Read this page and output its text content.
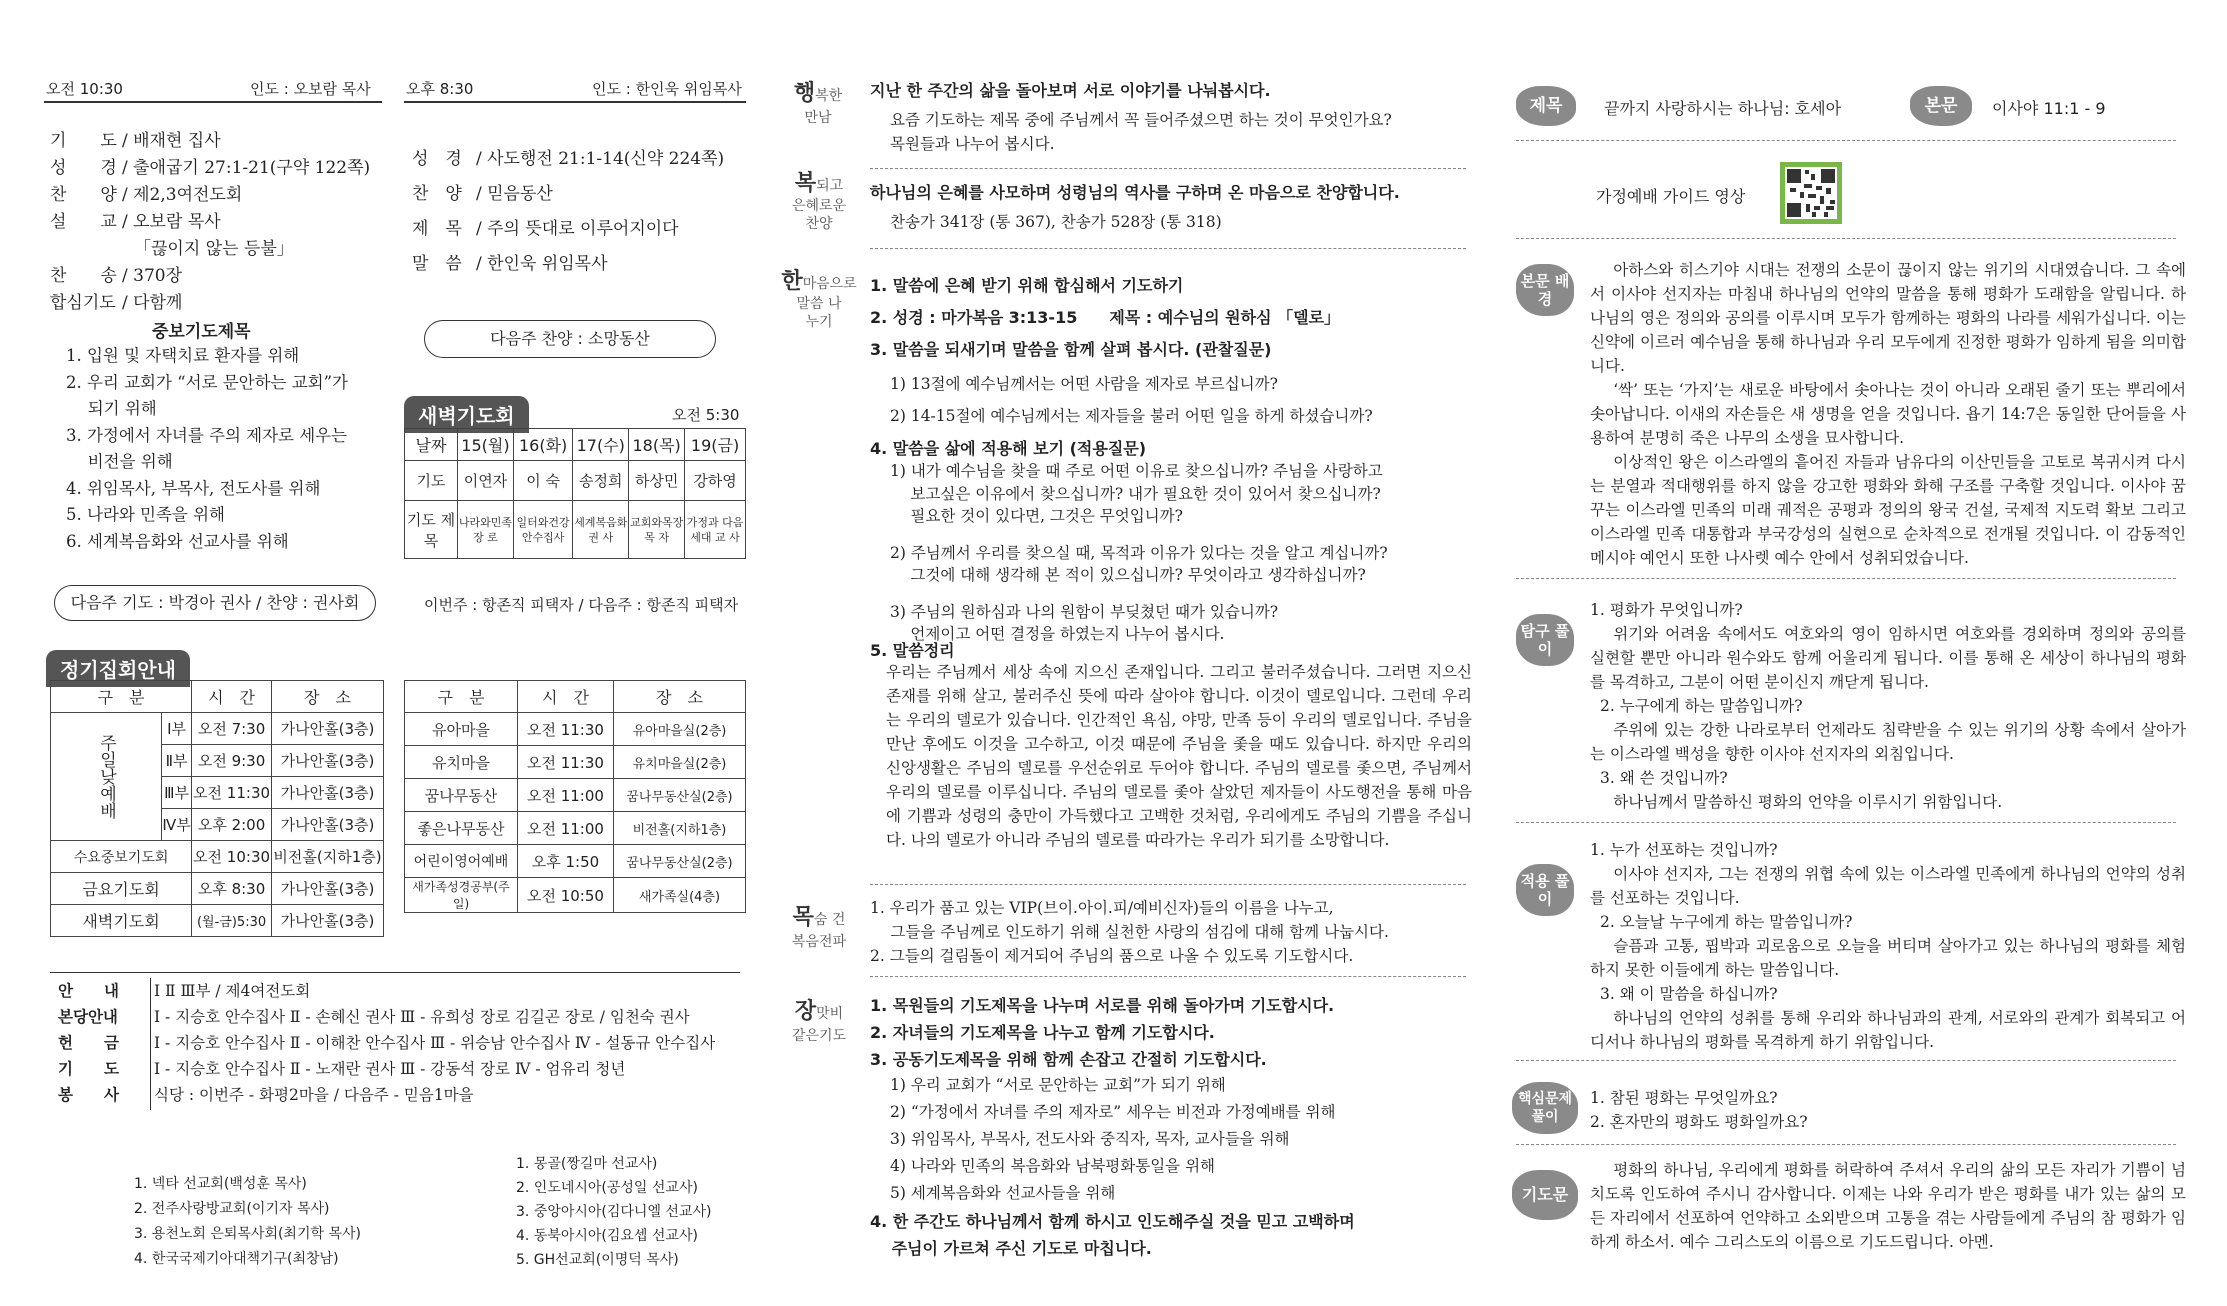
오전 10:30	인도 : 오보람 목사 오후 8:30	인도 : 한인욱 위임목사
기　　도 / 배재현 집사
성　　경 / 출애굽기 27:1-21(구약 122쪽)
찬　　양 / 제2,3여전도회
설　　교 / 오보람 목사
「끊이지 않는 등불」
찬　　송 / 370장
합심기도 / 다함께
중보기도제목
1. 입원 및 자택치료 환자를 위해
2. 우리 교회가 “서로 문안하는 교회”가
　 되기 위해
3. 가정에서 자녀를 주의 제자로 세우는
　 비전을 위해
4. 위임목사, 부목사, 전도사를 위해
5. 나라와 민족을 위해
6. 세계복음화와 선교사를 위해
다음주 기도 : 박경아 권사 / 찬양 : 권사회
성　경 / 사도행전 21:1-14(신약 224쪽)
찬　양 / 믿음동산
제　목 / 주의 뜻대로 이루어지이다
말　씀 / 한인욱 위임목사
다음주 찬양 : 소망동산
새벽기도회	오전 5:30
날짜	15(월)	16(화)	17(수)	18(목)	19(금)
기도	이연자	이 숙	송정희	하상민	강하영
기도 제목	나라와민족 장 로	일터와건강 안수집사	세계복음화 권 사	교회와목장 목 자	가정과 다음세대 교 사
이번주 : 항존직 피택자 / 다음주 : 항존직 피택자
정기집회안내
구　분		시　간	장　소
주일낮예배	Ⅰ부	오전 7:30	가나안홀(3층)
	Ⅱ부	오전 9:30	가나안홀(3층)
	Ⅲ부	오전 11:30	가나안홀(3층)
	Ⅳ부	오후 2:00	가나안홀(3층)
수요중보기도회		오전 10:30	비전홀(지하1층)
금요기도회		오후 8:30	가나안홀(3층)
새벽기도회		(월-금)5:30	가나안홀(3층)
구　분	시　간	장　소
유아마을	오전 11:30	유아마을실(2층)
유치마을	오전 11:30	유치마을실(2층)
꿈나무동산	오전 11:00	꿈나무동산실(2층)
좋은나무동산	오전 11:00	비전홀(지하1층)
어린이영어예배	오후 1:50	꿈나무동산실(2층)
새가족성경공부(주일)	오전 10:50	새가족실(4층)
안　　내 Ⅰ Ⅱ Ⅲ부 / 제4여전도회
본당안내 Ⅰ - 지승호 안수집사 Ⅱ - 손혜신 권사 Ⅲ - 유희성 장로 김길곤 장로 / 임천숙 권사
헌　　금 Ⅰ - 지승호 안수집사 Ⅱ - 이해찬 안수집사 Ⅲ - 위승남 안수집사 Ⅳ - 설동규 안수집사
기　　도 Ⅰ - 지승호 안수집사 Ⅱ - 노재란 권사 Ⅲ - 강동석 장로 Ⅳ - 엄유리 청년
봉　　사 식당 : 이번주 - 화평2마을 / 다음주 - 믿음1마을
1. 넥타 선교회(백성훈 목사)
2. 전주사랑방교회(이기자 목사)
3. 용천노회 은퇴목사회(최기학 목사)
4. 한국국제기아대책기구(최창남)
1. 몽골(짱길마 선교사)
2. 인도네시아(공성일 선교사)
3. 중앙아시아(김다니엘 선교사)
4. 동북아시아(김요셉 선교사)
5. GH선교회(이명덕 목사)
행복한
만남
지난 한 주간의 삶을 돌아보며 서로 이야기를 나눠봅시다.
요즘 기도하는 제목 중에 주님께서 꼭 들어주셨으면 하는 것이 무엇인가요?
목원들과 나누어 봅시다.
복되고
은혜로운 찬양
하나님의 은혜를 사모하며 성령님의 역사를 구하며 온 마음으로 찬양합니다.
찬송가 341장 (통 367), 찬송가 528장 (통 318)
한마음으로
말씀 나누기
1. 말씀에 은혜 받기 위해 합심해서 기도하기
2. 성경 : 마가복음 3:13-15　　제목 : 예수님의 원하심 「델로」
3. 말씀을 되새기며 말씀을 함께 살펴 봅시다. (관찰질문)
1) 13절에 예수님께서는 어떤 사람을 제자로 부르십니까?
2) 14-15절에 예수님께서는 제자들을 불러 어떤 일을 하게 하셨습니까?
4. 말씀을 삶에 적용해 보기 (적용질문)
1) 내가 예수님을 찾을 때 주로 어떤 이유로 찾으십니까? 주님을 사랑하고
　 보고싶은 이유에서 찾으십니까? 내가 필요한 것이 있어서 찾으십니까?
　 필요한 것이 있다면, 그것은 무엇입니까?
2) 주님께서 우리를 찾으실 때, 목적과 이유가 있다는 것을 알고 계십니까?
　 그것에 대해 생각해 본 적이 있으십니까? 무엇이라고 생각하십니까?
3) 주님의 원하심과 나의 원함이 부딪쳤던 때가 있습니까?
　 언제이고 어떤 결정을 하였는지 나누어 봅시다.
5. 말씀정리
우리는 주님께서 세상 속에 지으신 존재입니다. 그리고 불러주셨습니다. 그러면 지으신 존재를 위해 살고, 불러주신 뜻에 따라 살아야 합니다. 이것이 델로입니다. 그런데 우리는 우리의 델로가 있습니다. 인간적인 욕심, 야망, 만족 등이 우리의 델로입니다. 주님을 만난 후에도 이것을 고수하고, 이것 때문에 주님을 좇을 때도 있습니다. 하지만 우리의 신앙생활은 주님의 델로를 우선순위로 두어야 합니다. 주님의 델로를 좇으면, 주님께서 우리의 델로를 이루십니다. 주님의 델로를 좇아 살았던 제자들이 사도행전을 통해 마음에 기쁨과 성령의 충만이 가득했다고 고백한 것처럼, 우리에게도 주님의 기쁨을 주십니다. 나의 델로가 아니라 주님의 델로를 따라가는 우리가 되기를 소망합니다.
목숨 건
복음전파
1. 우리가 품고 있는 VIP(브이.아이.피/예비신자)들의 이름을 나누고,
　 그들을 주님께로 인도하기 위해 실천한 사랑의 섬김에 대해 함께 나눕시다.
2. 그들의 걸림돌이 제거되어 주님의 품으로 나올 수 있도록 기도합시다.
장맛비
같은기도
1. 목원들의 기도제목을 나누며 서로를 위해 돌아가며 기도합시다.
2. 자녀들의 기도제목을 나누고 함께 기도합시다.
3. 공동기도제목을 위해 함께 손잡고 간절히 기도합시다.
1) 우리 교회가 “서로 문안하는 교회”가 되기 위해
2) “가정에서 자녀를 주의 제자로” 세우는 비전과 가정예배를 위해
3) 위임목사, 부목사, 전도사와 중직자, 목자, 교사들을 위해
4) 나라와 민족의 복음화와 남북평화통일을 위해
5) 세계복음화와 선교사들을 위해
4. 한 주간도 하나님께서 함께 하시고 인도해주실 것을 믿고 고백하며
　 주님이 가르쳐 주신 기도로 마칩니다.
제목	끝까지 사랑하시는 하나님: 호세아	본문	이사야 11:1 - 9
가정예배 가이드 영상
본문 배경

아하스와 히스기야 시대는 전쟁의 소문이 끊이지 않는 위기의 시대였습니다. 그 속에서 이사야 선지자는 마침내 하나님의 언약의 말씀을 통해 평화가 도래함을 알립니다. 하나님의 영은 정의와 공의를 이루시며 모두가 함께하는 평화의 나라를 세워가십니다. 이는 신약에 이르러 예수님을 통해 하나님과 우리 모두에게 진정한 평화가 임하게 됨을 의미합니다.

‘싹’ 또는 ‘가지’는 새로운 바탕에서 솟아나는 것이 아니라 오래된 줄기 또는 뿌리에서 솟아납니다. 이새의 자손들은 새 생명을 얻을 것입니다. 욥기 14:7은 동일한 단어들을 사용하여 분명히 죽은 나무의 소생을 묘사합니다.

이상적인 왕은 이스라엘의 흩어진 자들과 남유다의 이산민들을 고토로 복귀시켜 다시는 분열과 적대행위를 하지 않을 강고한 평화와 화해 구조를 구축할 것입니다. 이사야 꿈꾸는 이스라엘 민족의 미래 궤적은 공평과 정의의 왕국 건설, 국제적 지도력 확보 그리고 이스라엘 민족 대통합과 부국강성의 실현으로 순차적으로 전개될 것입니다. 이 감동적인 메시야 예언시 또한 나사렛 예수 안에서 성취되었습니다.

탐구 풀이

1. 평화가 무엇입니까?

위기와 어려움 속에서도 여호와의 영이 임하시면 여호와를 경외하며 정의와 공의를 실현할 뿐만 아니라 원수와도 함께 어울리게 됩니다. 이를 통해 온 세상이 하나님의 평화를 목격하고, 그분이 어떤 분이신지 깨닫게 됩니다.

2. 누구에게 하는 말씀입니까?

주위에 있는 강한 나라로부터 언제라도 침략받을 수 있는 위기의 상황 속에서 살아가는 이스라엘 백성을 향한 이사야 선지자의 외침입니다.

3. 왜 쓴 것입니까?

하나님께서 말씀하신 평화의 언약을 이루시기 위함입니다.

적용 풀이

1. 누가 선포하는 것입니까?

이사야 선지자, 그는 전쟁의 위협 속에 있는 이스라엘 민족에게 하나님의 언약의 성취를 선포하는 것입니다.

2. 오늘날 누구에게 하는 말씀입니까?

슬픔과 고통, 핍박과 괴로움으로 오늘을 버티며 살아가고 있는 하나님의 평화를 체험하지 못한 이들에게 하는 말씀입니다.

3. 왜 이 말씀을 하십니까?

하나님의 언약의 성취를 통해 우리와 하나님과의 관계, 서로와의 관계가 회복되고 어디서나 하나님의 평화를 목격하게 하기 위함입니다.

핵심문제 풀이
1. 참된 평화는 무엇일까요?
2. 혼자만의 평화도 평화일까요?
기도문
평화의 하나님, 우리에게 평화를 허락하여 주셔서 우리의 삶의 모든 자리가 기쁨이 넘치도록 인도하여 주시니 감사합니다. 이제는 나와 우리가 받은 평화를 내가 있는 삶의 모든 자리에서 선포하여 언약하고 소외받으며 고통을 겪는 사람들에게 주님의 참 평화가 임하게 하소서. 예수 그리스도의 이름으로 기도드립니다. 아멘.
